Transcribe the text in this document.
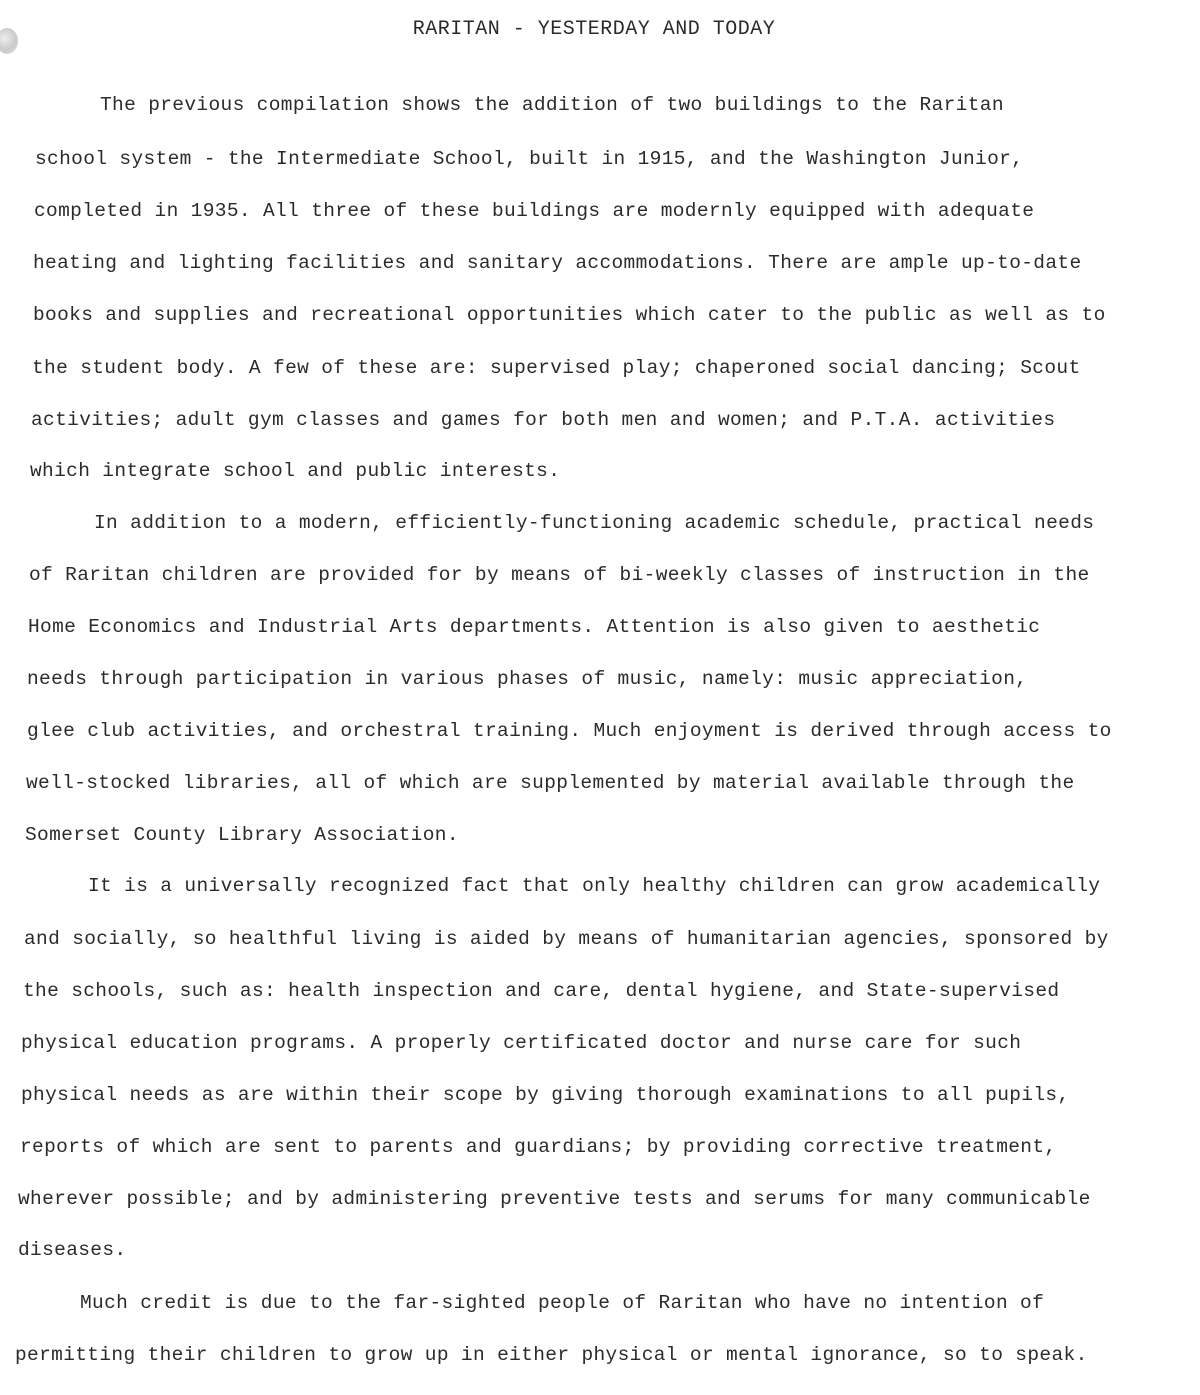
RARITAN - YESTERDAY AND TODAY
The previous compilation shows the addition of two buildings to the Raritan
school system - the Intermediate School, built in 1915, and the Washington Junior,
completed in 1935. All three of these buildings are modernly equipped with adequate
heating and lighting facilities and sanitary accommodations. There are ample up-to-date
books and supplies and recreational opportunities which cater to the public as well as to
the student body. A few of these are: supervised play; chaperoned social dancing; Scout
activities; adult gym classes and games for both men and women; and P.T.A. activities
which integrate school and public interests.
In addition to a modern, efficiently-functioning academic schedule, practical needs
of Raritan children are provided for by means of bi-weekly classes of instruction in the
Home Economics and Industrial Arts departments. Attention is also given to aesthetic
needs through participation in various phases of music, namely: music appreciation,
glee club activities, and orchestral training. Much enjoyment is derived through access to
well-stocked libraries, all of which are supplemented by material available through the
Somerset County Library Association.
It is a universally recognized fact that only healthy children can grow academically
and socially, so healthful living is aided by means of humanitarian agencies, sponsored by
the schools, such as: health inspection and care, dental hygiene, and State-supervised
physical education programs. A properly certificated doctor and nurse care for such
physical needs as are within their scope by giving thorough examinations to all pupils,
reports of which are sent to parents and guardians; by providing corrective treatment,
wherever possible; and by administering preventive tests and serums for many communicable
diseases.
Much credit is due to the far-sighted people of Raritan who have no intention of
permitting their children to grow up in either physical or mental ignorance, so to speak.
